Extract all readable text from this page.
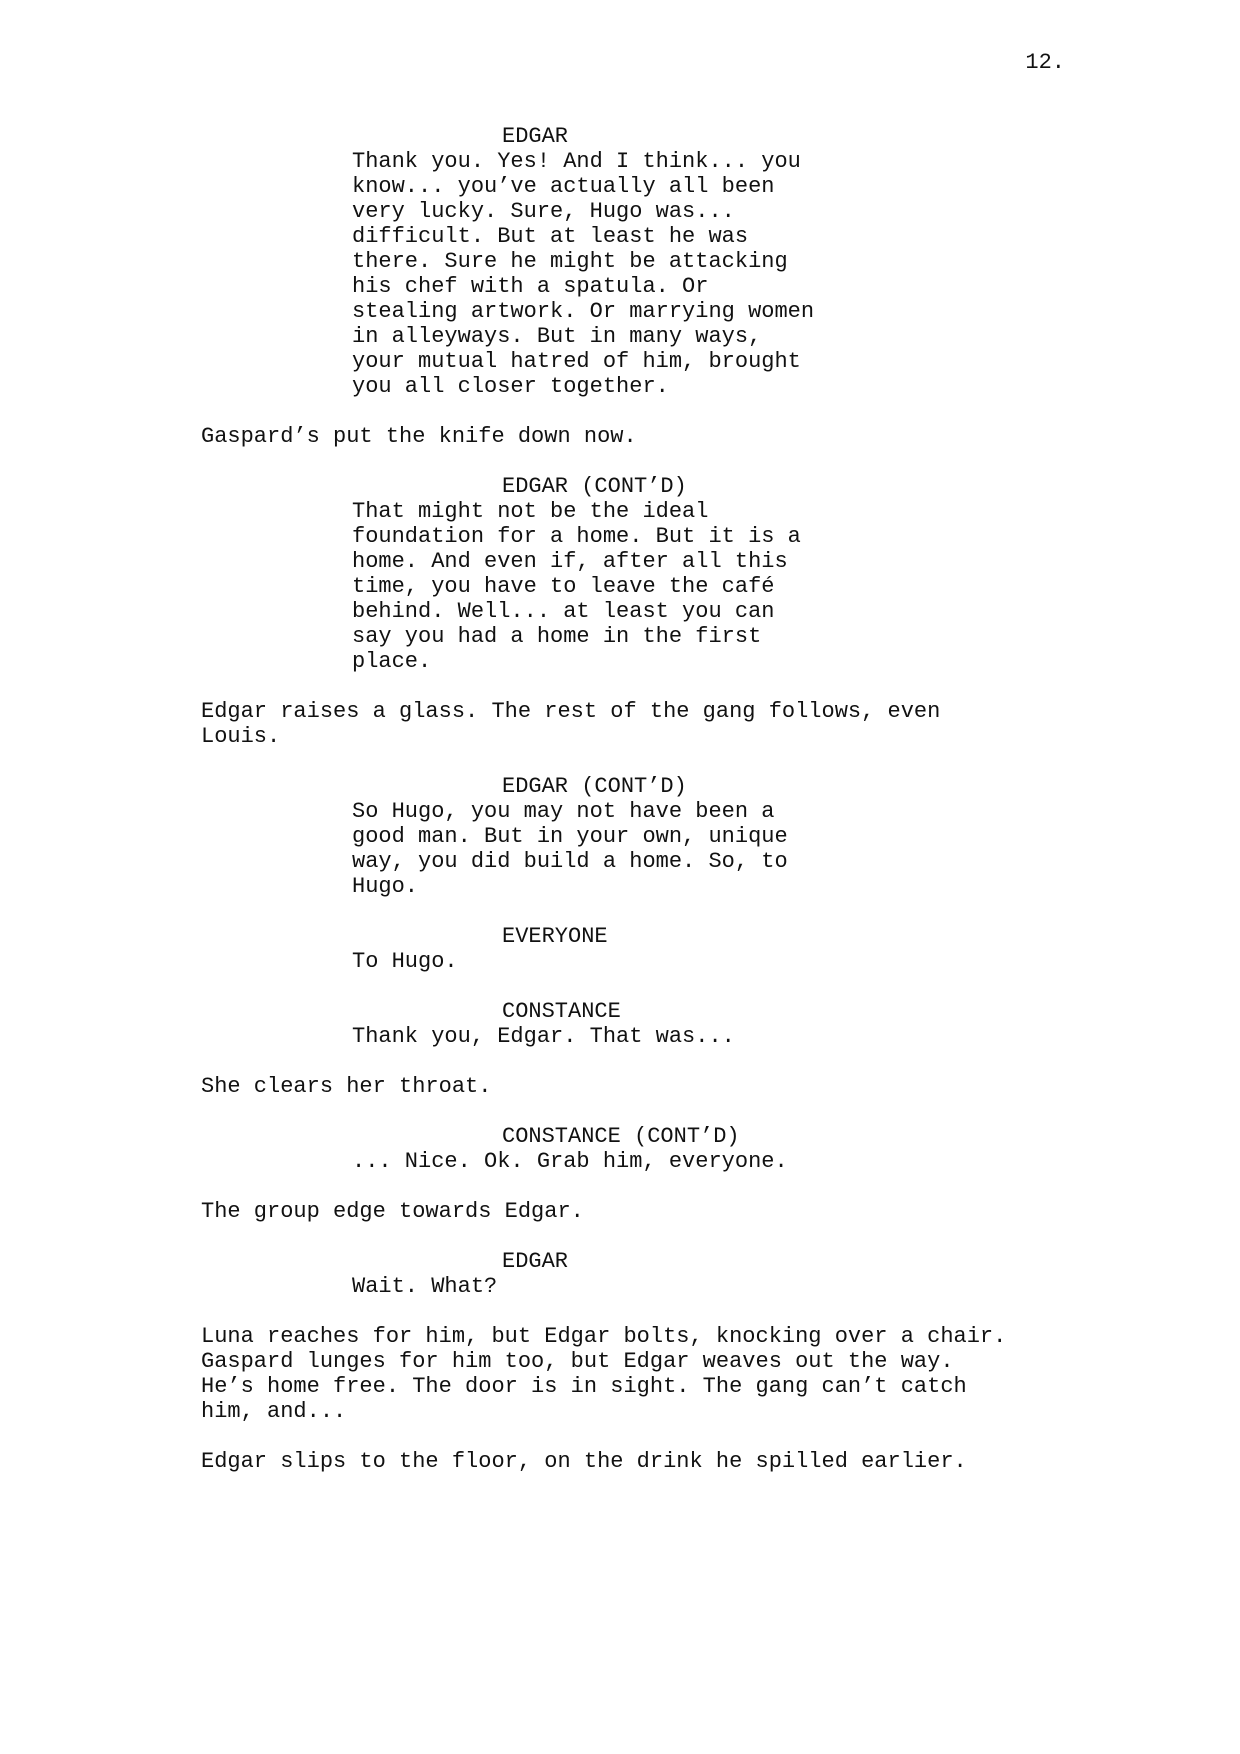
12.
EDGAR
Thank you. Yes! And I think... you
know... you’ve actually all been
very lucky. Sure, Hugo was...
difficult. But at least he was
there. Sure he might be attacking
his chef with a spatula. Or
stealing artwork. Or marrying women
in alleyways. But in many ways,
your mutual hatred of him, brought
you all closer together.
Gaspard’s put the knife down now.
EDGAR (CONT’D)
That might not be the ideal
foundation for a home. But it is a
home. And even if, after all this
time, you have to leave the café
behind. Well... at least you can
say you had a home in the first
place.
Edgar raises a glass. The rest of the gang follows, even
Louis.
EDGAR (CONT’D)
So Hugo, you may not have been a
good man. But in your own, unique
way, you did build a home. So, to
Hugo.
EVERYONE
To Hugo.
CONSTANCE
Thank you, Edgar. That was...
She clears her throat.
CONSTANCE (CONT’D)
... Nice. Ok. Grab him, everyone.
The group edge towards Edgar.
EDGAR
Wait. What?
Luna reaches for him, but Edgar bolts, knocking over a chair.
Gaspard lunges for him too, but Edgar weaves out the way.
He’s home free. The door is in sight. The gang can’t catch
him, and...
Edgar slips to the floor, on the drink he spilled earlier.
